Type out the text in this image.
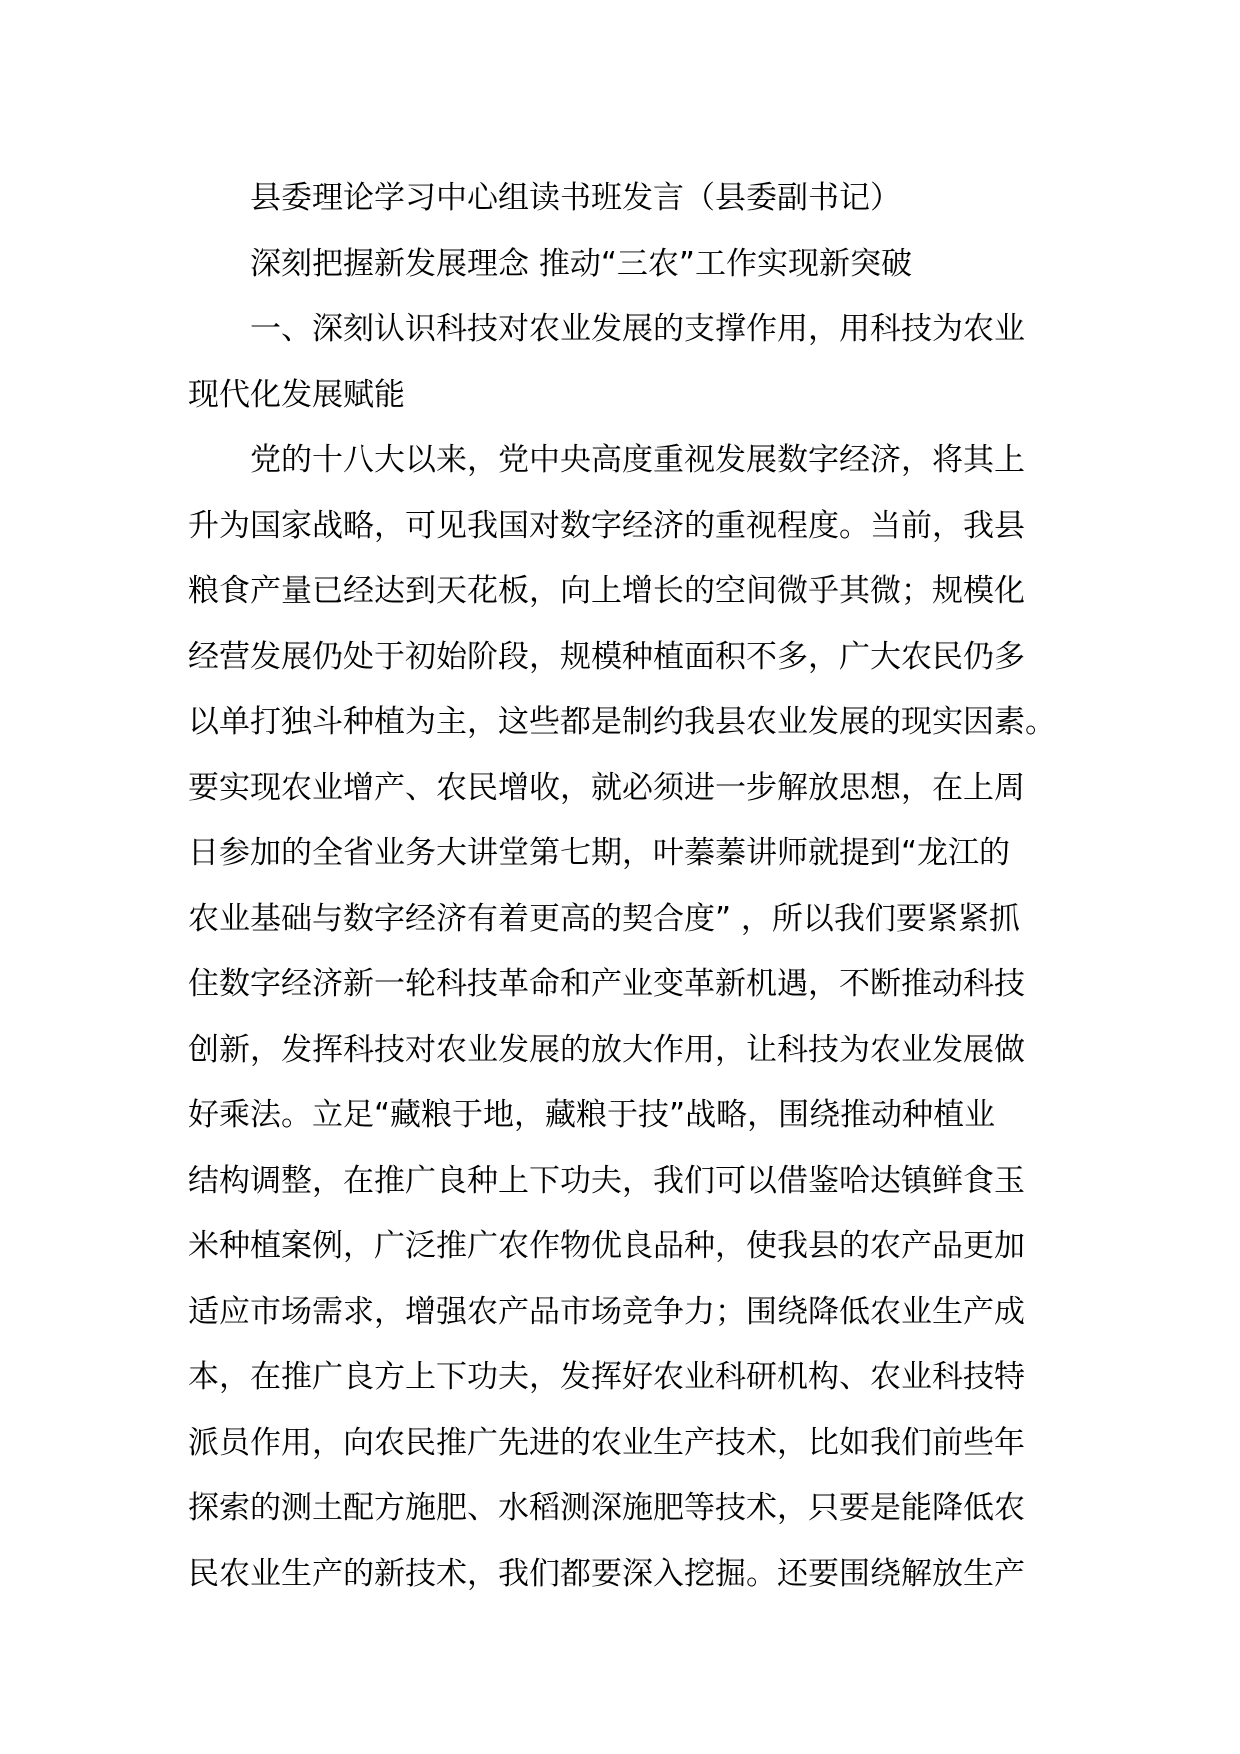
县委理论学习中心组读书班发言（县委副书记）
深刻把握新发展理念 推动“三农”工作实现新突破
一、深刻认识科技对农业发展的支撑作用，用科技为农业
现代化发展赋能
党的十八大以来，党中央高度重视发展数字经济，将其上
升为国家战略，可见我国对数字经济的重视程度。当前，我县
粮食产量已经达到天花板，向上增长的空间微乎其微；规模化
经营发展仍处于初始阶段，规模种植面积不多，广大农民仍多
以单打独斗种植为主，这些都是制约我县农业发展的现实因素。
要实现农业增产、农民增收，就必须进一步解放思想，在上周
日参加的全省业务大讲堂第七期，叶蓁蓁讲师就提到“龙江的
农业基础与数字经济有着更高的契合度” ，所以我们要紧紧抓
住数字经济新一轮科技革命和产业变革新机遇，不断推动科技
创新，发挥科技对农业发展的放大作用，让科技为农业发展做
好乘法。立足“藏粮于地，藏粮于技”战略，围绕推动种植业
结构调整，在推广良种上下功夫，我们可以借鉴哈达镇鲜食玉
米种植案例，广泛推广农作物优良品种，使我县的农产品更加
适应市场需求，增强农产品市场竞争力；围绕降低农业生产成
本，在推广良方上下功夫，发挥好农业科研机构、农业科技特
派员作用，向农民推广先进的农业生产技术，比如我们前些年
探索的测土配方施肥、水稻测深施肥等技术，只要是能降低农
民农业生产的新技术，我们都要深入挖掘。还要围绕解放生产
